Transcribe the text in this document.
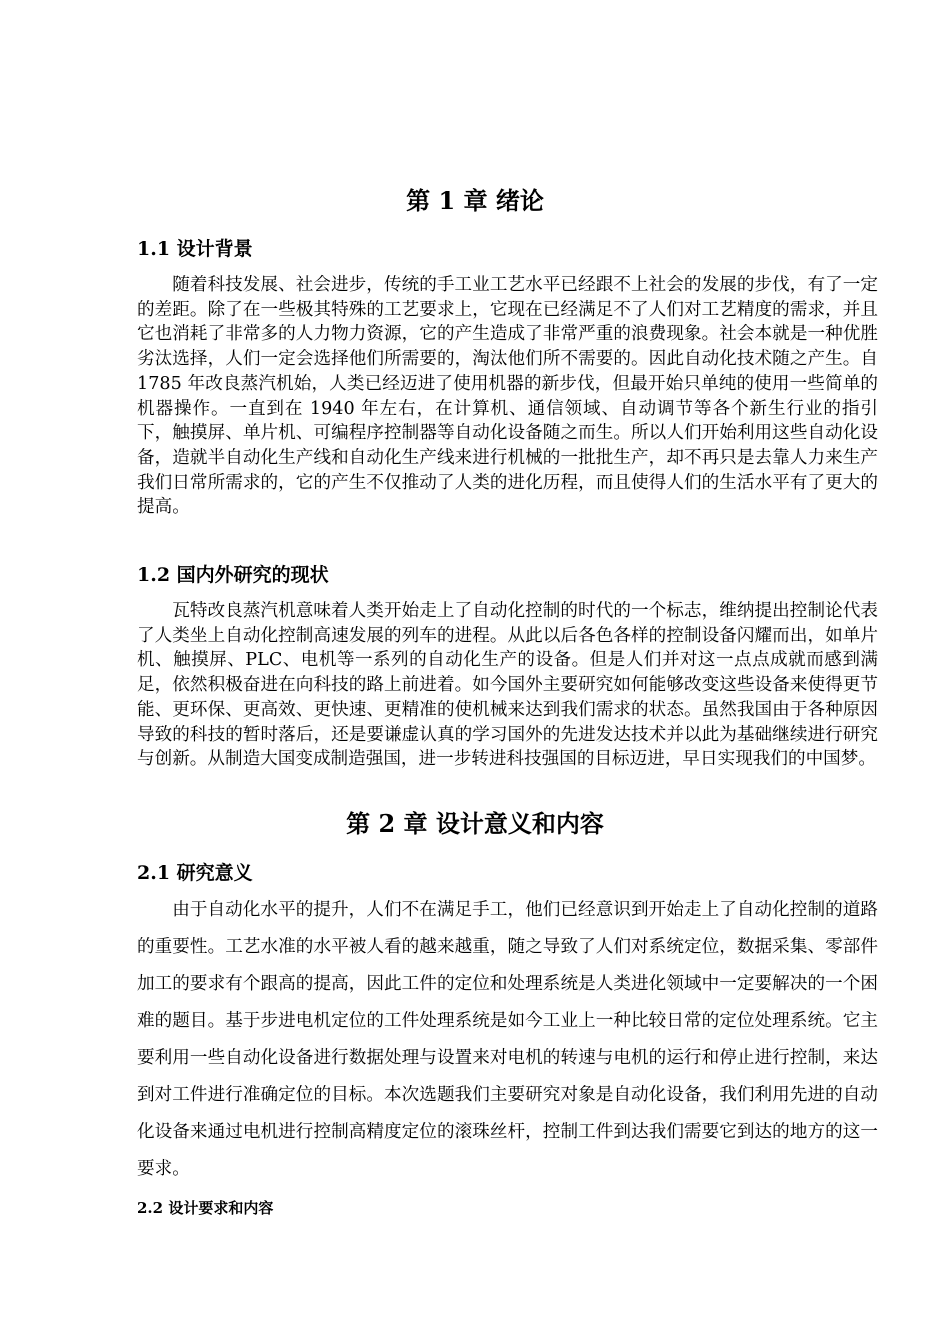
第 1 章 绪论
1.1 设计背景

随着科技发展、社会进步，传统的手工业工艺水平已经跟不上社会的发展的步伐，有了一定的差距。除了在一些极其特殊的工艺要求上，它现在已经满足不了人们对工艺精度的需求，并且它也消耗了非常多的人力物力资源，它的产生造成了非常严重的浪费现象。社会本就是一种优胜劣汰选择，人们一定会选择他们所需要的，淘汰他们所不需要的。因此自动化技术随之产生。自 1785 年改良蒸汽机始，人类已经迈进了使用机器的新步伐，但最开始只单纯的使用一些简单的机器操作。一直到在 1940 年左右，在计算机、通信领域、自动调节等各个新生行业的指引下，触摸屏、单片机、可编程序控制器等自动化设备随之而生。所以人们开始利用这些自动化设备，造就半自动化生产线和自动化生产线来进行机械的一批批生产，却不再只是去靠人力来生产我们日常所需求的，它的产生不仅推动了人类的进化历程，而且使得人们的生活水平有了更大的提高。

1.2 国内外研究的现状

瓦特改良蒸汽机意味着人类开始走上了自动化控制的时代的一个标志，维纳提出控制论代表了人类坐上自动化控制高速发展的列车的进程。从此以后各色各样的控制设备闪耀而出，如单片机、触摸屏、PLC、电机等一系列的自动化生产的设备。但是人们并对这一点点成就而感到满足，依然积极奋进在向科技的路上前进着。如今国外主要研究如何能够改变这些设备来使得更节能、更环保、更高效、更快速、更精准的使机械来达到我们需求的状态。虽然我国由于各种原因导致的科技的暂时落后，还是要谦虚认真的学习国外的先进发达技术并以此为基础继续进行研究与创新。从制造大国变成制造强国，进一步转进科技强国的目标迈进，早日实现我们的中国梦。

第 2 章 设计意义和内容
2.1 研究意义

由于自动化水平的提升，人们不在满足手工，他们已经意识到开始走上了自动化控制的道路的重要性。工艺水准的水平被人看的越来越重，随之导致了人们对系统定位，数据采集、零部件加工的要求有个跟高的提高，因此工件的定位和处理系统是人类进化领域中一定要解决的一个困难的题目。基于步进电机定位的工件处理系统是如今工业上一种比较日常的定位处理系统。它主要利用一些自动化设备进行数据处理与设置来对电机的转速与电机的运行和停止进行控制，来达到对工件进行准确定位的目标。本次选题我们主要研究对象是自动化设备，我们利用先进的自动化设备来通过电机进行控制高精度定位的滚珠丝杆，控制工件到达我们需要它到达的地方的这一要求。

2.2 设计要求和内容
